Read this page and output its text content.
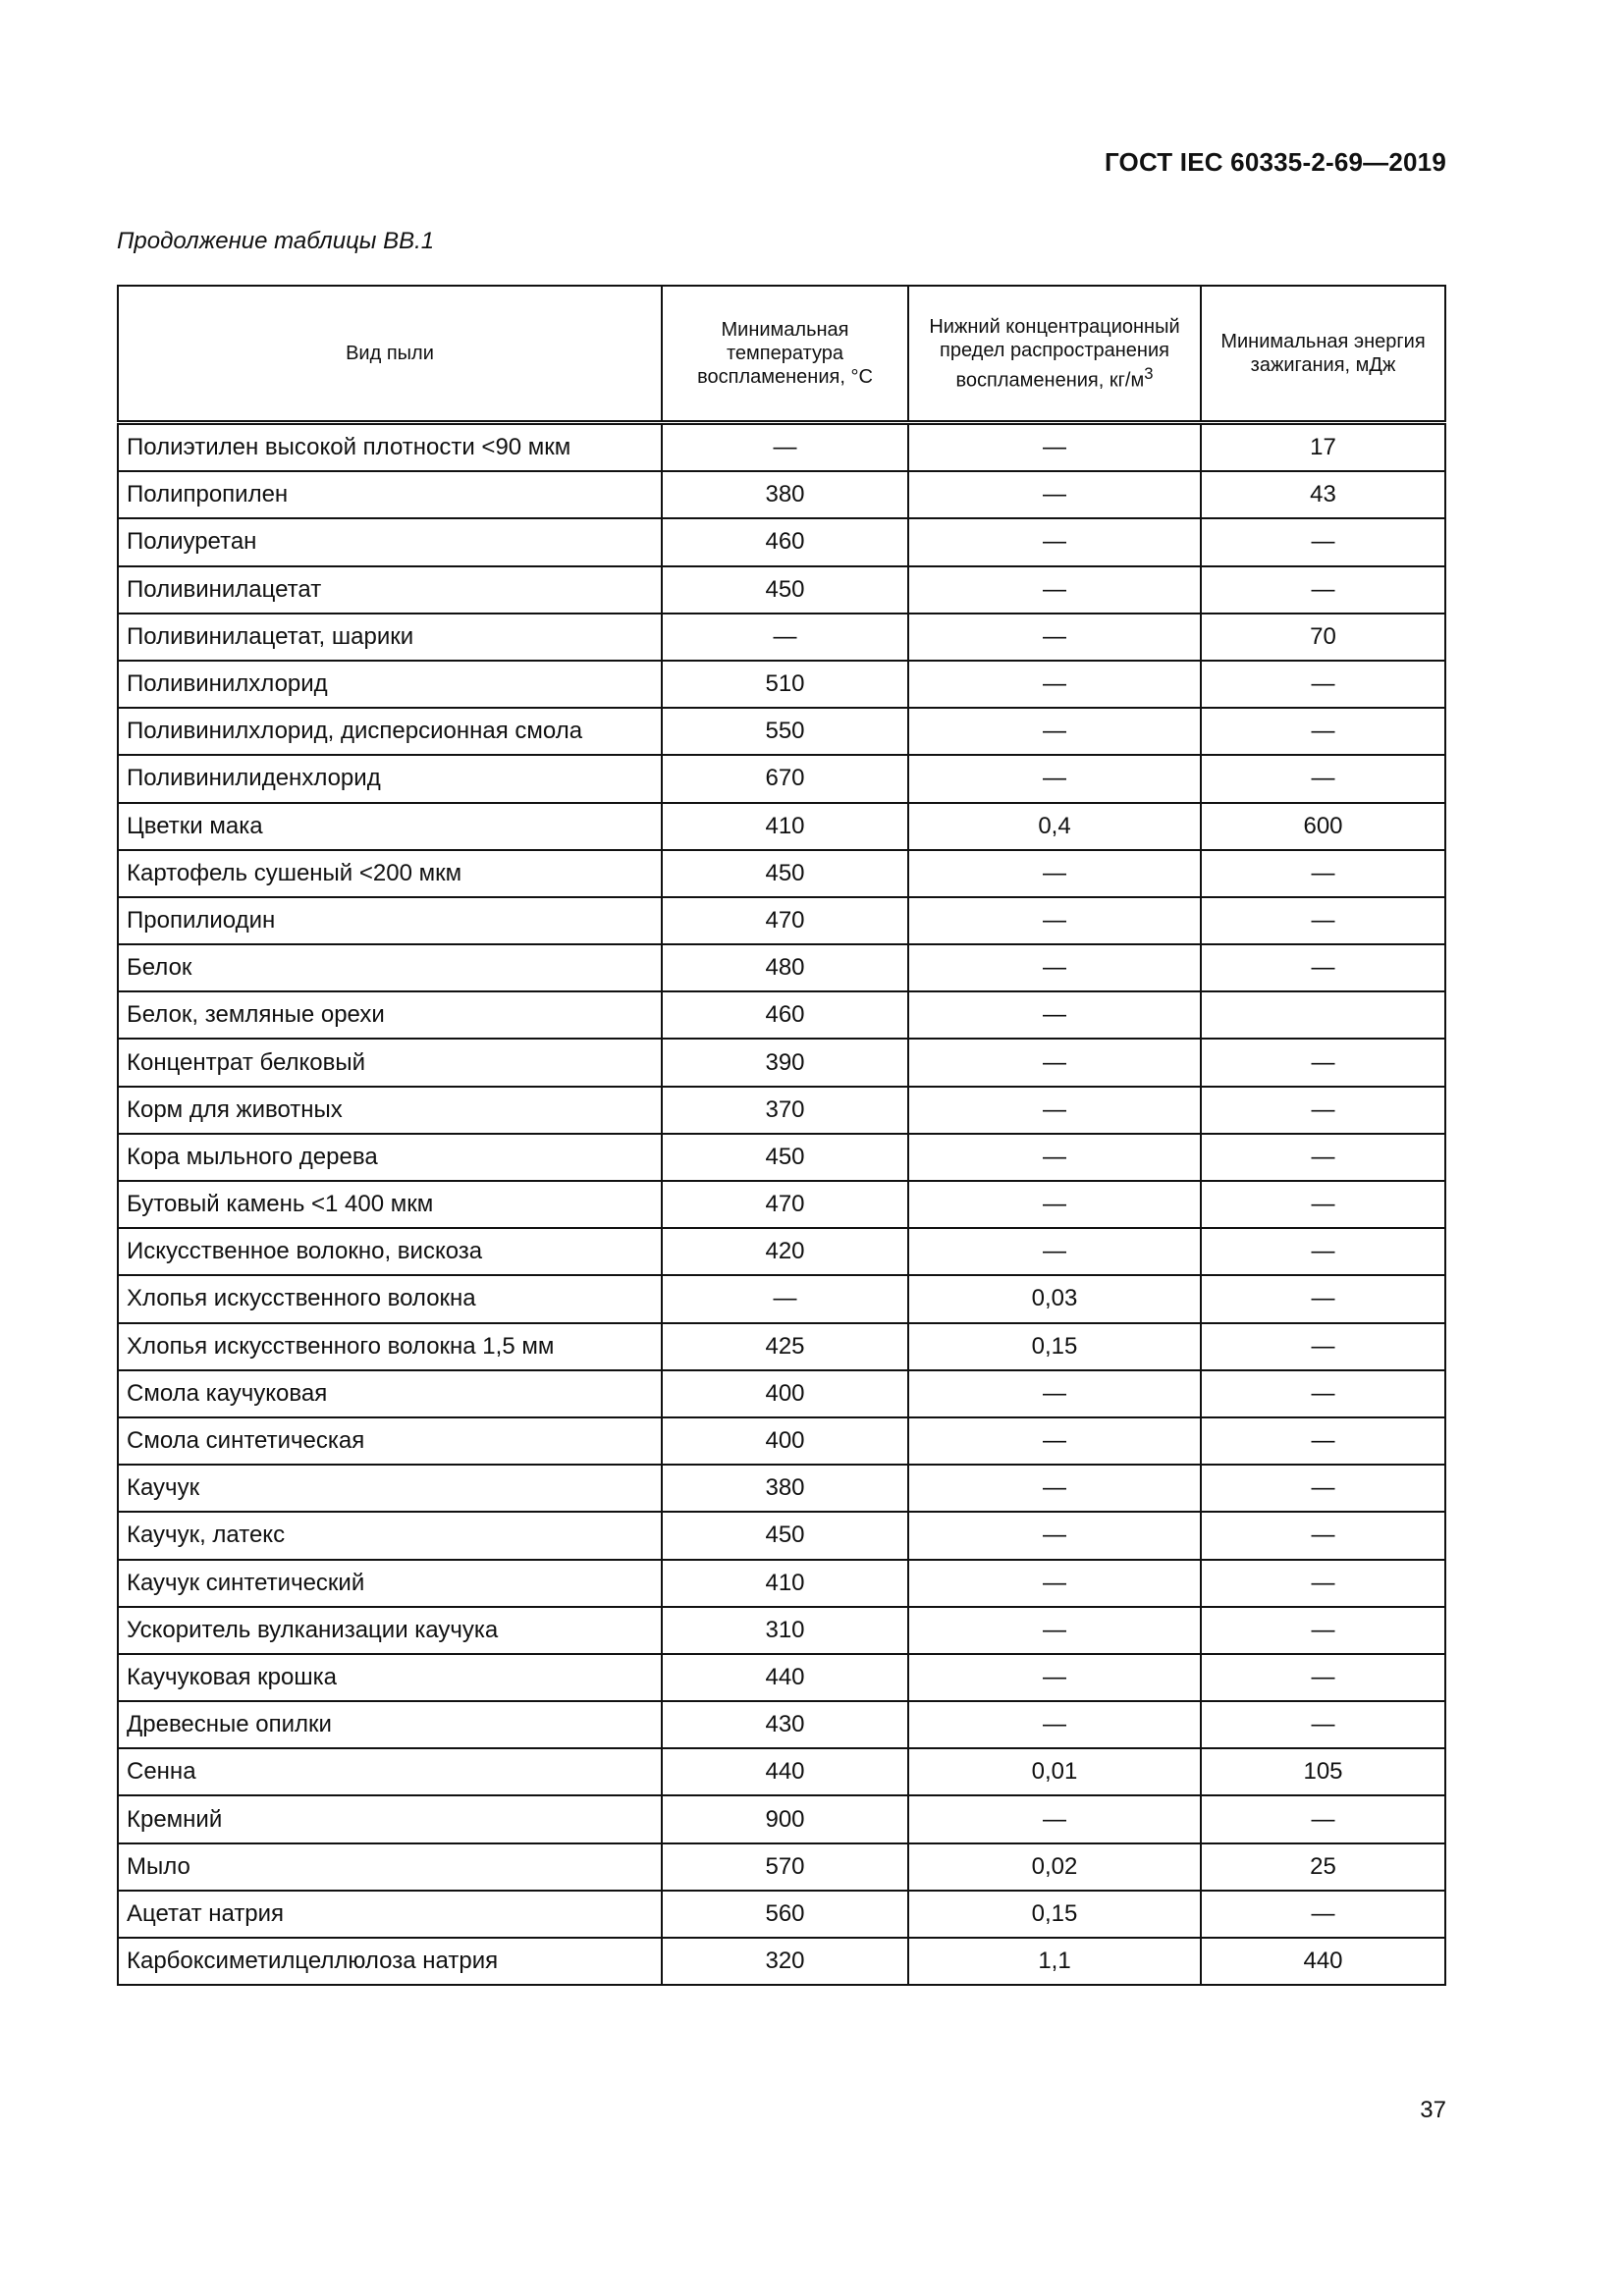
ГОСТ IEC 60335-2-69—2019
Продолжение таблицы ВВ.1
Вид пыли	Минимальная температура воспламенения, °С	Нижний концентрационный предел распространения воспламенения, $кг/м^3$	Минимальная энергия зажигания, мДж
Полиэтилен высокой плотности <90 мкм	—	—	17
Полипропилен	380	—	43
Полиуретан	460	—	—
Поливинилацетат	450	—	—
Поливинилацетат, шарики	—	—	70
Поливинилхлорид	510	—	—
Поливинилхлорид, дисперсионная смола	550	—	—
Поливинилиденхлорид	670	—	—
Цветки мака	410	0,4	600
Картофель сушеный <200 мкм	450	—	—
Пропилиодин	470	—	—
Белок	480	—	—
Белок, земляные орехи	460	—	
Концентрат белковый	390	—	—
Корм для животных	370	—	—
Кора мыльного дерева	450	—	—
Бутовый камень <1 400 мкм	470	—	—
Искусственное волокно, вискоза	420	—	—
Хлопья искусственного волокна	—	0,03	—
Хлопья искусственного волокна 1,5 мм	425	0,15	—
Смола каучуковая	400	—	—
Смола синтетическая	400	—	—
Каучук	380	—	—
Каучук, латекс	450	—	—
Каучук синтетический	410	—	—
Ускоритель вулканизации каучука	310	—	—
Каучуковая крошка	440	—	—
Древесные опилки	430	—	—
Сенна	440	0,01	105
Кремний	900	—	—
Мыло	570	0,02	25
Ацетат натрия	560	0,15	—
Карбоксиметилцеллюлоза натрия	320	1,1	440
37
